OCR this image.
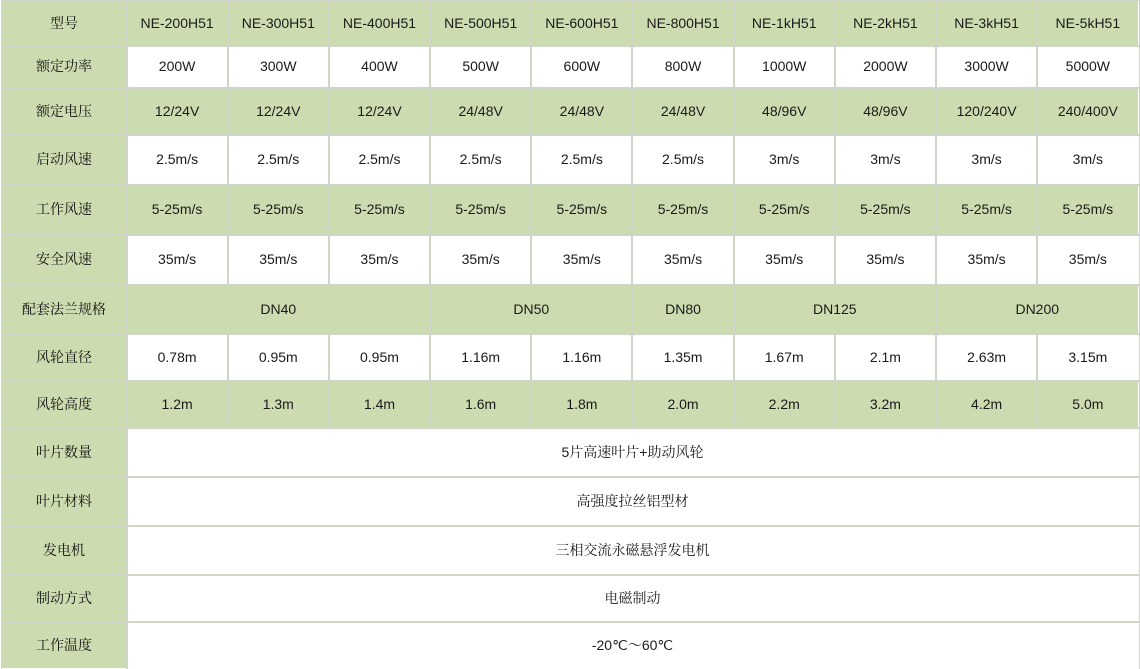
型号	NE-200H51	NE-300H51	NE-400H51	NE-500H51	NE-600H51	NE-800H51	NE-1kH51	NE-2kH51	NE-3kH51	NE-5kH51
额定功率	200W	300W	400W	500W	600W	800W	1000W	2000W	3000W	5000W
额定电压	12/24V	12/24V	12/24V	24/48V	24/48V	24/48V	48/96V	48/96V	120/240V	240/400V
启动风速	2.5m/s	2.5m/s	2.5m/s	2.5m/s	2.5m/s	2.5m/s	3m/s	3m/s	3m/s	3m/s
工作风速	5-25m/s	5-25m/s	5-25m/s	5-25m/s	5-25m/s	5-25m/s	5-25m/s	5-25m/s	5-25m/s	5-25m/s
安全风速	35m/s	35m/s	35m/s	35m/s	35m/s	35m/s	35m/s	35m/s	35m/s	35m/s
配套法兰规格	DN40			DN50		DN80	DN125		DN200	
风轮直径	0.78m	0.95m	0.95m	1.16m	1.16m	1.35m	1.67m	2.1m	2.63m	3.15m
风轮高度	1.2m	1.3m	1.4m	1.6m	1.8m	2.0m	2.2m	3.2m	4.2m	5.0m
叶片数量	5片高速叶片+助动风轮									
叶片材料	高强度拉丝铝型材									
发电机	三相交流永磁悬浮发电机									
制动方式	电磁制动									
工作温度	-20℃～60℃									
